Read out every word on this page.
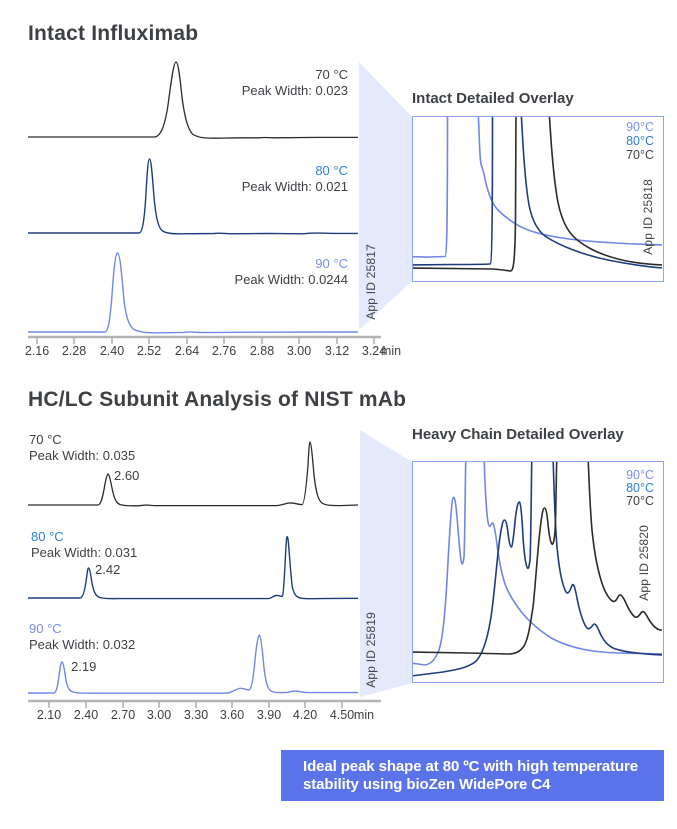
Intact Influximab
70 °C
Peak Width: 0.023
80 °C
Peak Width: 0.021
90 °C
Peak Width: 0.0244
2.16 2.28 2.40 2.52 2.64 2.76 2.88 3.00 3.12 3.24
min
App ID 25817
Intact Detailed Overlay
90°C
80°C
70°C
App ID 25818
HC/LC Subunit Analysis of NIST mAb
70 °C
Peak Width: 0.035
2.60
80 °C
Peak Width: 0.031
2.42
90 °C
Peak Width: 0.032
2.19
2.10 2.40 2.70 3.00 3.30 3.60 3.90 4.20 4.50 min
App ID 25819
Heavy Chain Detailed Overlay
90°C
80°C
70°C
App ID 25820
Ideal peak shape at 80 ºC with high temperature stability using bioZen WidePore C4
